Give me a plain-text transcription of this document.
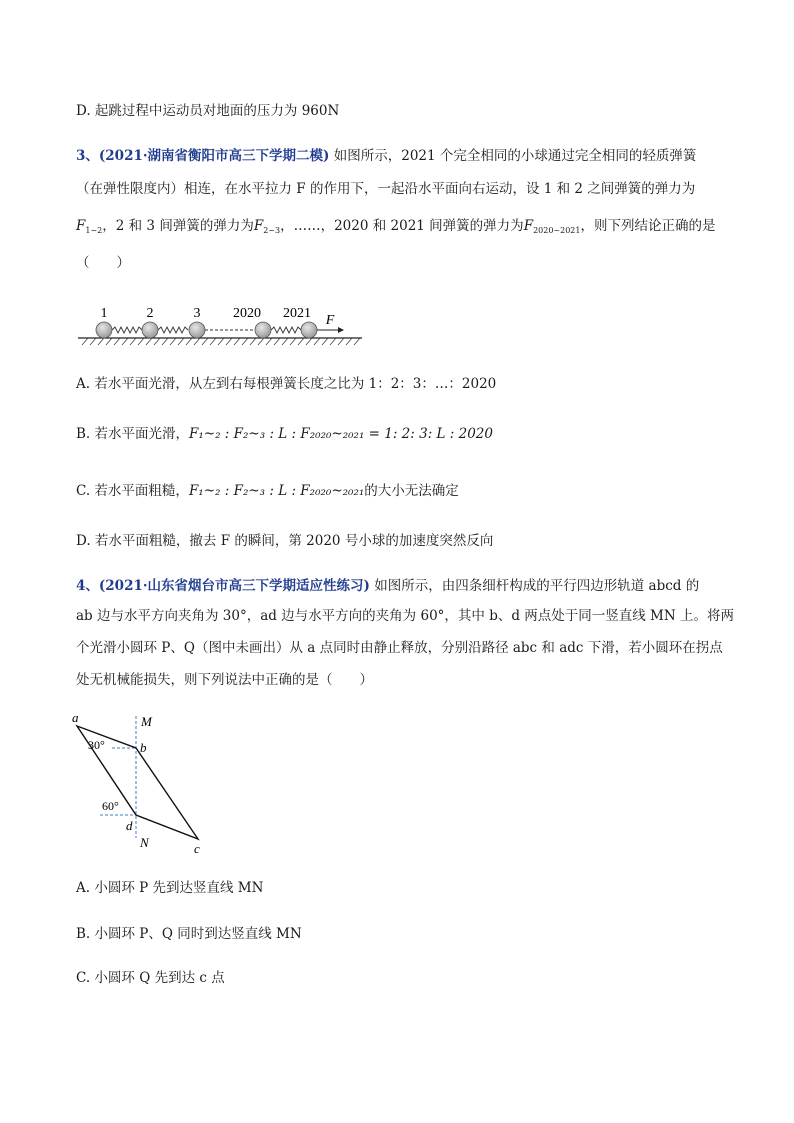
D. 起跳过程中运动员对地面的压力为 960N
3、(2021·湖南省衡阳市高三下学期二模) 如图所示，2021 个完全相同的小球通过完全相同的轻质弹簧
（在弹性限度内）相连，在水平拉力 F 的作用下，一起沿水平面向右运动，设 1 和 2 之间弹簧的弹力为
$F_{1\sim 2}$，2 和 3 间弹簧的弹力为$F_{2\sim 3}$，……，2020 和 2021 间弹簧的弹力为$F_{2020\sim 2021}$，则下列结论正确的是
（　　）
1	2	3 2020 2021 F
A. 若水平面光滑，从左到右每根弹簧长度之比为 1：2：3：…：2020
B. 若水平面光滑，F₁~₂ : F₂~₃ : L : F₂₀₂₀~₂₀₂₁ = 1: 2: 3: L : 2020
C. 若水平面粗糙，F₁~₂ : F₂~₃ : L : F₂₀₂₀~₂₀₂₁的大小无法确定
D. 若水平面粗糙，撤去 F 的瞬间，第 2020 号小球的加速度突然反向
4、(2021·山东省烟台市高三下学期适应性练习) 如图所示，由四条细杆构成的平行四边形轨道 abcd 的
ab 边与水平方向夹角为 30°，ad 边与水平方向的夹角为 60°，其中 b、d 两点处于同一竖直线 MN 上。将两
个光滑小圆环 P、Q（图中未画出）从 a 点同时由静止释放，分别沿路径 abc 和 adc 下滑，若小圆环在拐点
处无机械能损失，则下列说法中正确的是（　　）
a
b
c
d
M
N
30°
60°
A. 小圆环 P 先到达竖直线 MN
B. 小圆环 P、Q 同时到达竖直线 MN
C. 小圆环 Q 先到达 c 点
